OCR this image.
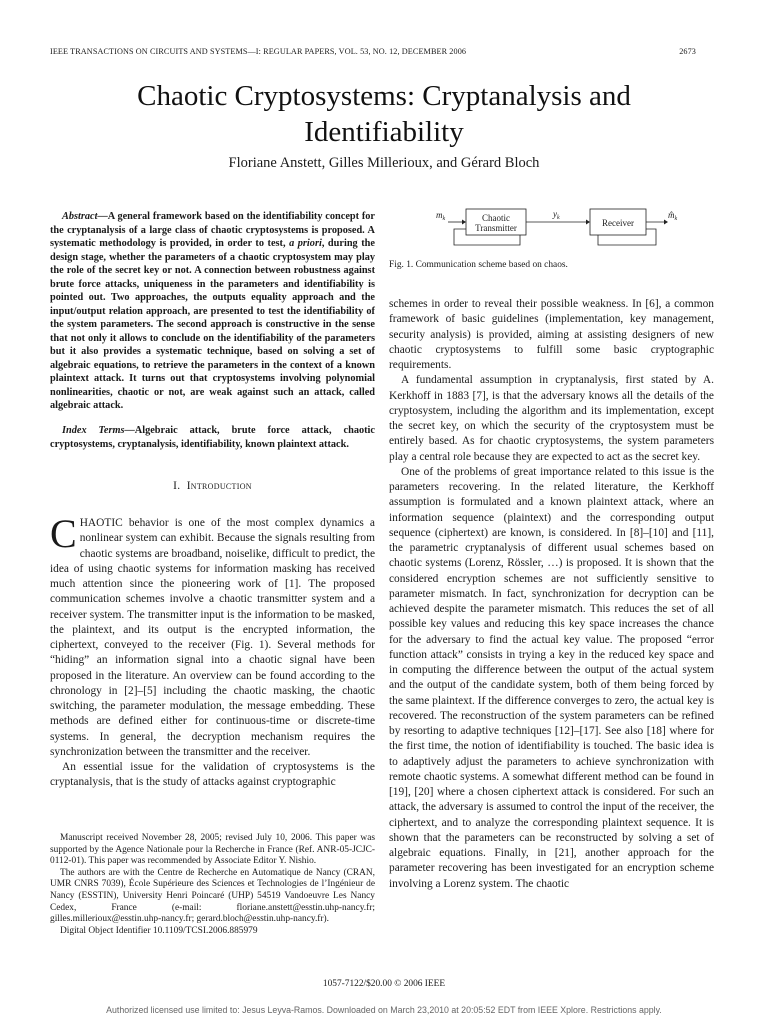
IEEE TRANSACTIONS ON CIRCUITS AND SYSTEMS—I: REGULAR PAPERS, VOL. 53, NO. 12, DECEMBER 2006	2673
Chaotic Cryptosystems: Cryptanalysis and
Identifiability
Floriane Anstett, Gilles Millerioux, and Gérard Bloch
Abstract—A general framework based on the identifiability concept for the cryptanalysis of a large class of chaotic cryptosystems is proposed. A systematic methodology is provided, in order to test, a priori, during the design stage, whether the parameters of a chaotic cryptosystem may play the role of the secret key or not. A connection between robustness against brute force attacks, uniqueness in the parameters and identifiability is pointed out. Two approaches, the outputs equality approach and the input/output relation approach, are presented to test the identifiability of the system parameters. The second approach is constructive in the sense that not only it allows to conclude on the identifiability of the parameters but it also provides a systematic technique, based on solving a set of algebraic equations, to retrieve the parameters in the context of a known plaintext attack. It turns out that cryptosystems involving polynomial nonlinearities, chaotic or not, are weak against such an attack, called algebraic attack.
Index Terms—Algebraic attack, brute force attack, chaotic cryptosystems, cryptanalysis, identifiability, known plaintext attack.
I. Introduction

CHAOTIC behavior is one of the most complex dynamics a nonlinear system can exhibit. Because the signals resulting from chaotic systems are broadband, noiselike, difficult to predict, the idea of using chaotic systems for information masking has received much attention since the pioneering work of [1]. The proposed communication schemes involve a chaotic transmitter system and a receiver system. The transmitter input is the information to be masked, the plaintext, and its output is the encrypted information, the ciphertext, conveyed to the receiver (Fig. 1). Several methods for “hiding” an information signal into a chaotic signal have been proposed in the literature. An overview can be found according to the chronology in [2]–[5] including the chaotic masking, the chaotic switching, the parameter modulation, the message embedding. These methods are defined either for continuous-time or discrete-time systems. In general, the decryption mechanism requires the synchronization between the transmitter and the receiver.

An essential issue for the validation of cryptosystems is the cryptanalysis, that is the study of attacks against cryptographic

Manuscript received November 28, 2005; revised July 10, 2006. This paper was supported by the Agence Nationale pour la Recherche in France (Ref. ANR-05-JCJC-0112-01). This paper was recommended by Associate Editor Y. Nishio.

The authors are with the Centre de Recherche en Automatique de Nancy (CRAN, UMR CNRS 7039), École Supérieure des Sciences et Technologies de l’Ingénieur de Nancy (ESSTIN), University Henri Poincaré (UHP) 54519 Vandoeuvre Les Nancy Cedex, France (e-mail: floriane.anstett@esstin.uhp-nancy.fr; gilles.millerioux@esstin.uhp-nancy.fr; gerard.bloch@esstin.uhp-nancy.fr).

Digital Object Identifier 10.1109/TCSI.2006.885979

$m_k$	Chaotic
Transmitter
$y_k$	Receiver
$m̂_k$
Fig. 1. Communication scheme based on chaos.

schemes in order to reveal their possible weakness. In [6], a common framework of basic guidelines (implementation, key management, security analysis) is provided, aiming at assisting designers of new chaotic cryptosystems to fulfill some basic cryptographic requirements.

A fundamental assumption in cryptanalysis, first stated by A. Kerkhoff in 1883 [7], is that the adversary knows all the details of the cryptosystem, including the algorithm and its implementation, except the secret key, on which the security of the cryptosystem must be entirely based. As for chaotic cryptosystems, the system parameters play a central role because they are expected to act as the secret key.

One of the problems of great importance related to this issue is the parameters recovering. In the related literature, the Kerkhoff assumption is formulated and a known plaintext attack, where an information sequence (plaintext) and the corresponding output sequence (ciphertext) are known, is considered. In [8]–[10] and [11], the parametric cryptanalysis of different usual schemes based on chaotic systems (Lorenz, Rössler, …) is proposed. It is shown that the considered encryption schemes are not sufficiently sensitive to parameter mismatch. In fact, synchronization for decryption can be achieved despite the parameter mismatch. This reduces the set of all possible key values and reducing this key space increases the chance for the adversary to find the actual key value. The proposed “error function attack” consists in trying a key in the reduced key space and in computing the difference between the output of the actual system and the output of the candidate system, both of them being forced by the same plaintext. If the difference converges to zero, the actual key is recovered. The reconstruction of the system parameters can be refined by resorting to adaptive techniques [12]–[17]. See also [18] where for the first time, the notion of identifiability is touched. The basic idea is to adaptively adjust the parameters to achieve synchronization with remote chaotic systems. A somewhat different method can be found in [19], [20] where a chosen ciphertext attack is considered. For such an attack, the adversary is assumed to control the input of the receiver, the ciphertext, and to analyze the corresponding plaintext sequence. It is shown that the parameters can be reconstructed by solving a set of algebraic equations. Finally, in [21], another approach for the parameter recovering has been investigated for an encryption scheme involving a Lorenz system. The chaotic

1057-7122/$20.00 © 2006 IEEE
Authorized licensed use limited to: Jesus Leyva-Ramos. Downloaded on March 23,2010 at 20:05:52 EDT from IEEE Xplore. Restrictions apply.
